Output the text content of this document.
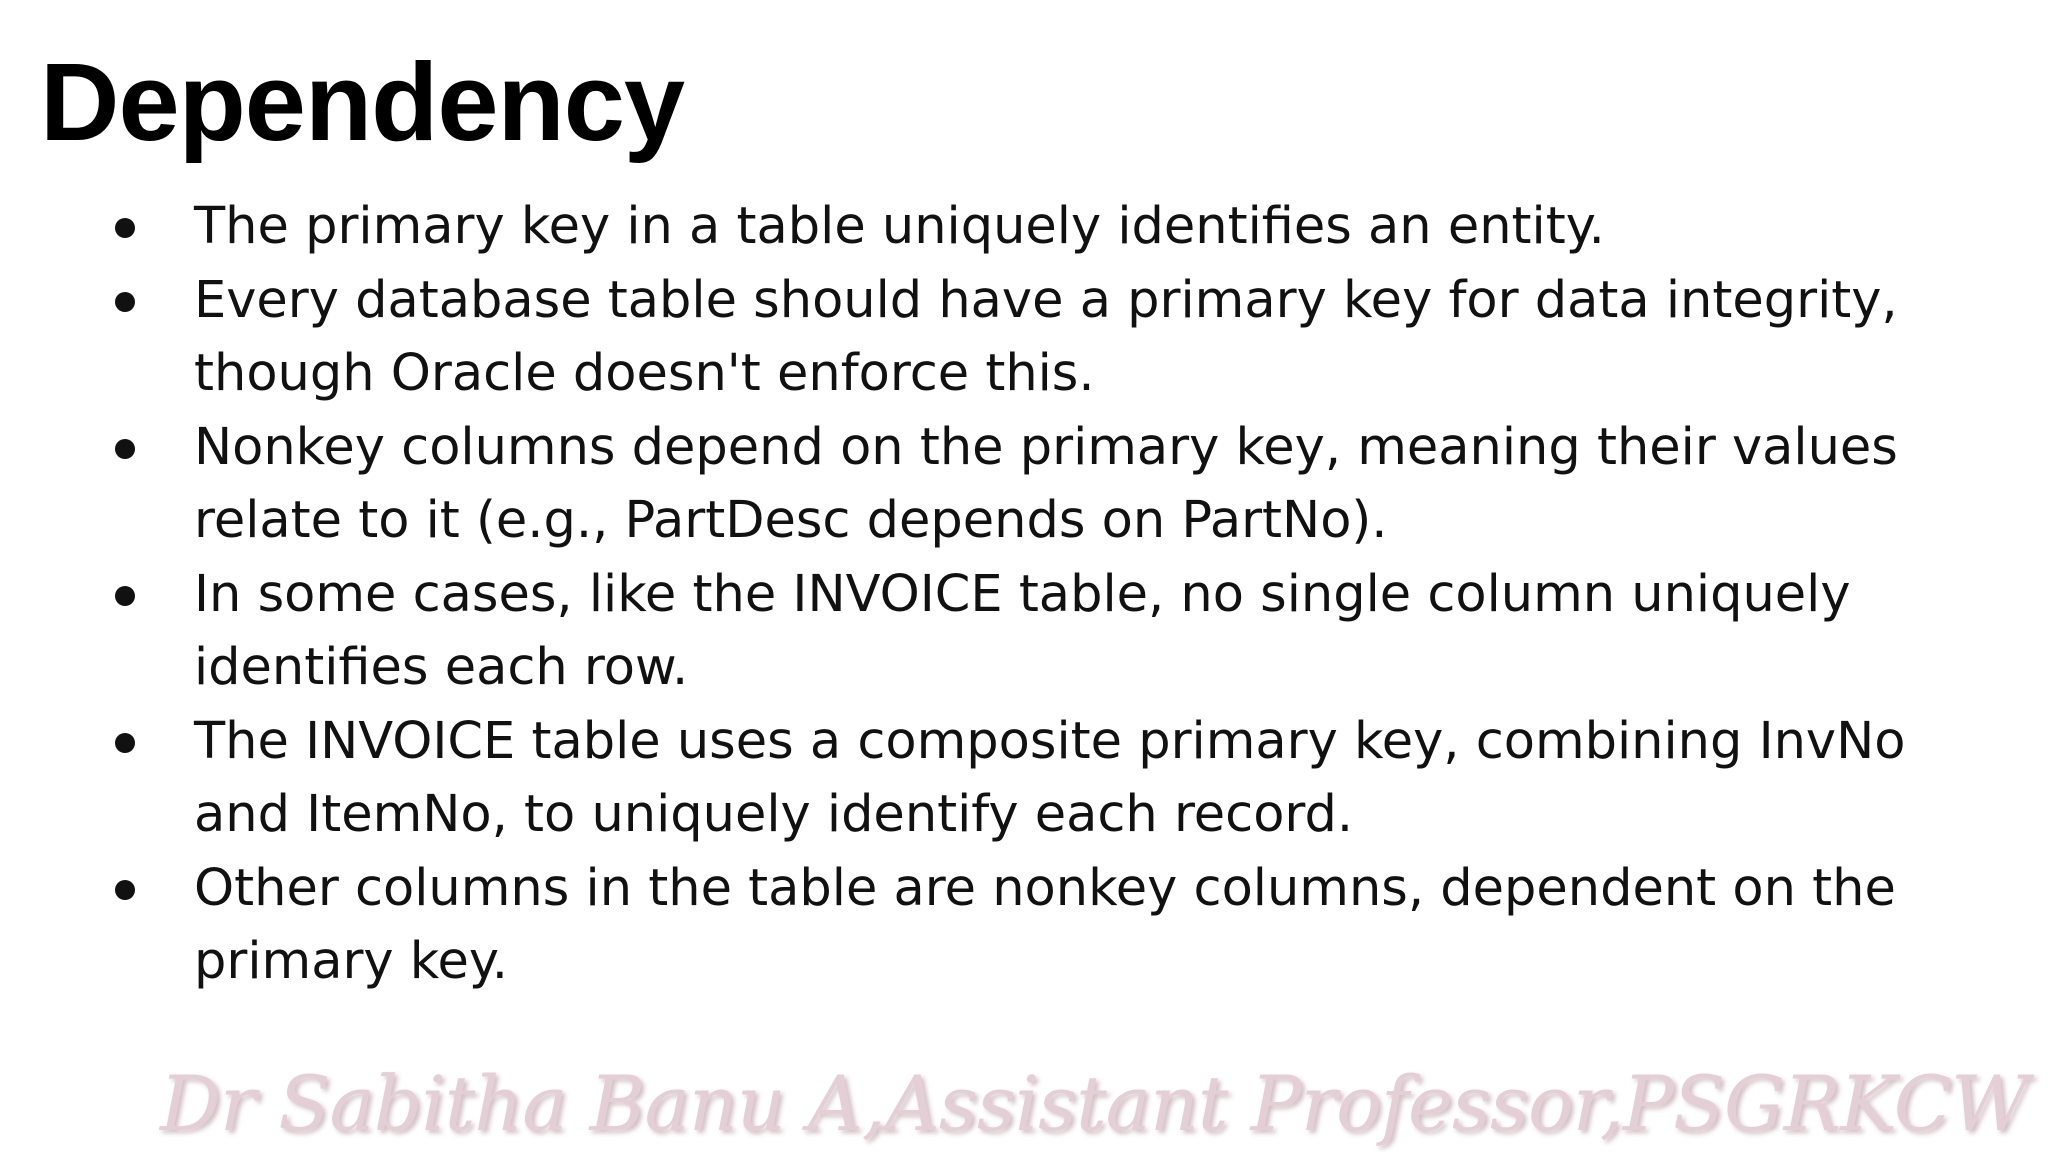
Dependency
The primary key in a table uniquely identifies an entity.
Every database table should have a primary key for data integrity, though Oracle doesn't enforce this.
Nonkey columns depend on the primary key, meaning their values relate to it (e.g., PartDesc depends on PartNo).
In some cases, like the INVOICE table, no single column uniquely identifies each row.
The INVOICE table uses a composite primary key, combining InvNo and ItemNo, to uniquely identify each record.
Other columns in the table are nonkey columns, dependent on the primary key.
Dr Sabitha Banu A,Assistant Professor,PSGRKCW
